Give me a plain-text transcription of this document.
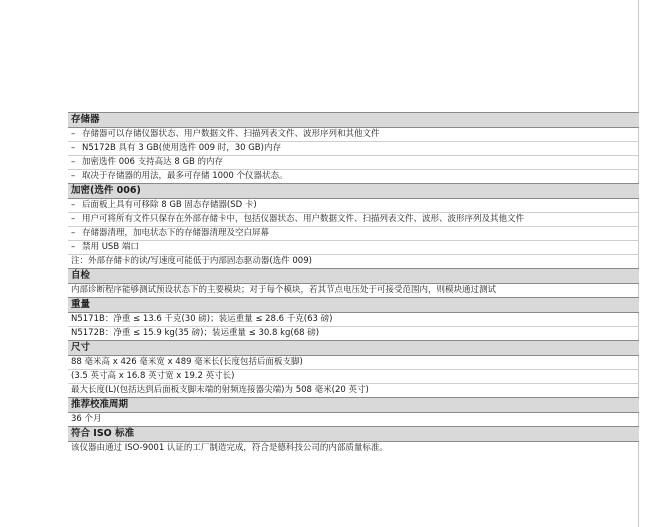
存储器
– 存储器可以存储仪器状态、用户数据文件、扫描列表文件、波形序列和其他文件
– N5172B 具有 3 GB(使用选件 009 时，30 GB)内存
– 加密选件 006 支持高达 8 GB 的内存
– 取决于存储器的用法，最多可存储 1000 个仪器状态。
加密(选件 006)
– 后面板上具有可移除 8 GB 固态存储器(SD 卡)
– 用户可将所有文件只保存在外部存储卡中，包括仪器状态、用户数据文件、扫描列表文件、波形、波形序列及其他文件
– 存储器清理，加电状态下的存储器清理及空白屏幕
– 禁用 USB 端口
注：外部存储卡的读/写速度可能低于内部固态驱动器(选件 009)
自检
内部诊断程序能够测试预设状态下的主要模块；对于每个模块，若其节点电压处于可接受范围内，则模块通过测试
重量
N5171B：净重 ≤ 13.6 千克(30 磅)；装运重量 ≤ 28.6 千克(63 磅)
N5172B：净重 ≤ 15.9 kg(35 磅)；装运重量 ≤ 30.8 kg(68 磅)
尺寸
88 毫米高 x 426 毫米宽 x 489 毫米长(长度包括后面板支脚)
(3.5 英寸高 x 16.8 英寸宽 x 19.2 英寸长)
最大长度(L)(包括达到后面板支脚末端的射频连接器尖端)为 508 毫米(20 英寸)
推荐校准周期
36 个月
符合 ISO 标准
该仪器由通过 ISO-9001 认证的工厂制造完成，符合是德科技公司的内部质量标准。
